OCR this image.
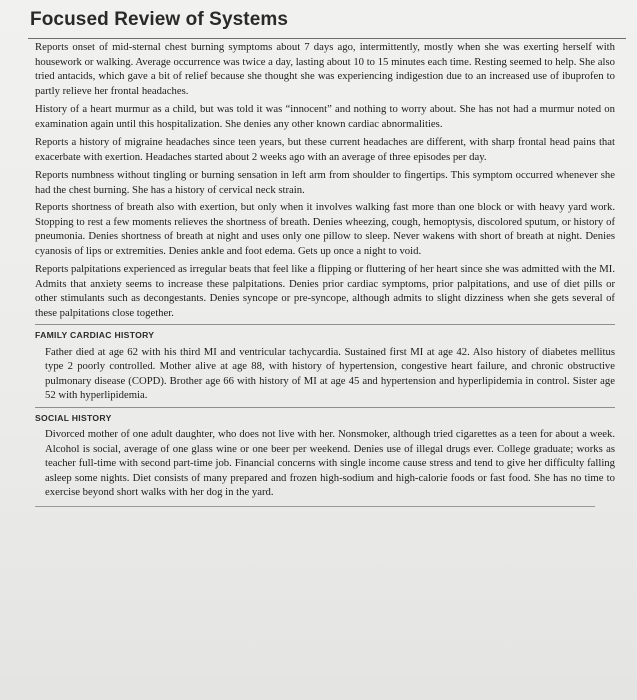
Focused Review of Systems

Reports onset of mid-sternal chest burning symptoms about 7 days ago, intermittently, mostly when she was exerting herself with housework or walking. Average occurrence was twice a day, lasting about 10 to 15 minutes each time. Resting seemed to help. She also tried antacids, which gave a bit of relief because she thought she was experiencing indigestion due to an increased use of ibuprofen to partly relieve her frontal headaches.

History of a heart murmur as a child, but was told it was “innocent” and nothing to worry about. She has not had a murmur noted on examination again until this hospitalization. She denies any other known cardiac abnormalities.

Reports a history of migraine headaches since teen years, but these current headaches are different, with sharp frontal head pains that exacerbate with exertion. Headaches started about 2 weeks ago with an average of three episodes per day.

Reports numbness without tingling or burning sensation in left arm from shoulder to fingertips. This symptom occurred whenever she had the chest burning. She has a history of cervical neck strain.

Reports shortness of breath also with exertion, but only when it involves walking fast more than one block or with heavy yard work. Stopping to rest a few moments relieves the shortness of breath. Denies wheezing, cough, hemoptysis, discolored sputum, or history of pneumonia. Denies shortness of breath at night and uses only one pillow to sleep. Never wakens with short of breath at night. Denies cyanosis of lips or extremities. Denies ankle and foot edema. Gets up once a night to void.

Reports palpitations experienced as irregular beats that feel like a flipping or fluttering of her heart since she was admitted with the MI. Admits that anxiety seems to increase these palpitations. Denies prior cardiac symptoms, prior palpitations, and use of diet pills or other stimulants such as decongestants. Denies syncope or pre-syncope, although admits to slight dizziness when she gets several of these palpitations close together.

FAMILY CARDIAC HISTORY

Father died at age 62 with his third MI and ventricular tachycardia. Sustained first MI at age 42. Also history of diabetes mellitus type 2 poorly controlled. Mother alive at age 88, with history of hypertension, congestive heart failure, and chronic obstructive pulmonary disease (COPD). Brother age 66 with history of MI at age 45 and hypertension and hyperlipidemia in control. Sister age 52 with hyperlipidemia.

SOCIAL HISTORY

Divorced mother of one adult daughter, who does not live with her. Nonsmoker, although tried cigarettes as a teen for about a week. Alcohol is social, average of one glass wine or one beer per weekend. Denies use of illegal drugs ever. College graduate; works as teacher full-time with second part-time job. Financial concerns with single income cause stress and tend to give her difficulty falling asleep some nights. Diet consists of many prepared and frozen high-sodium and high-calorie foods or fast food. She has no time to exercise beyond short walks with her dog in the yard.
